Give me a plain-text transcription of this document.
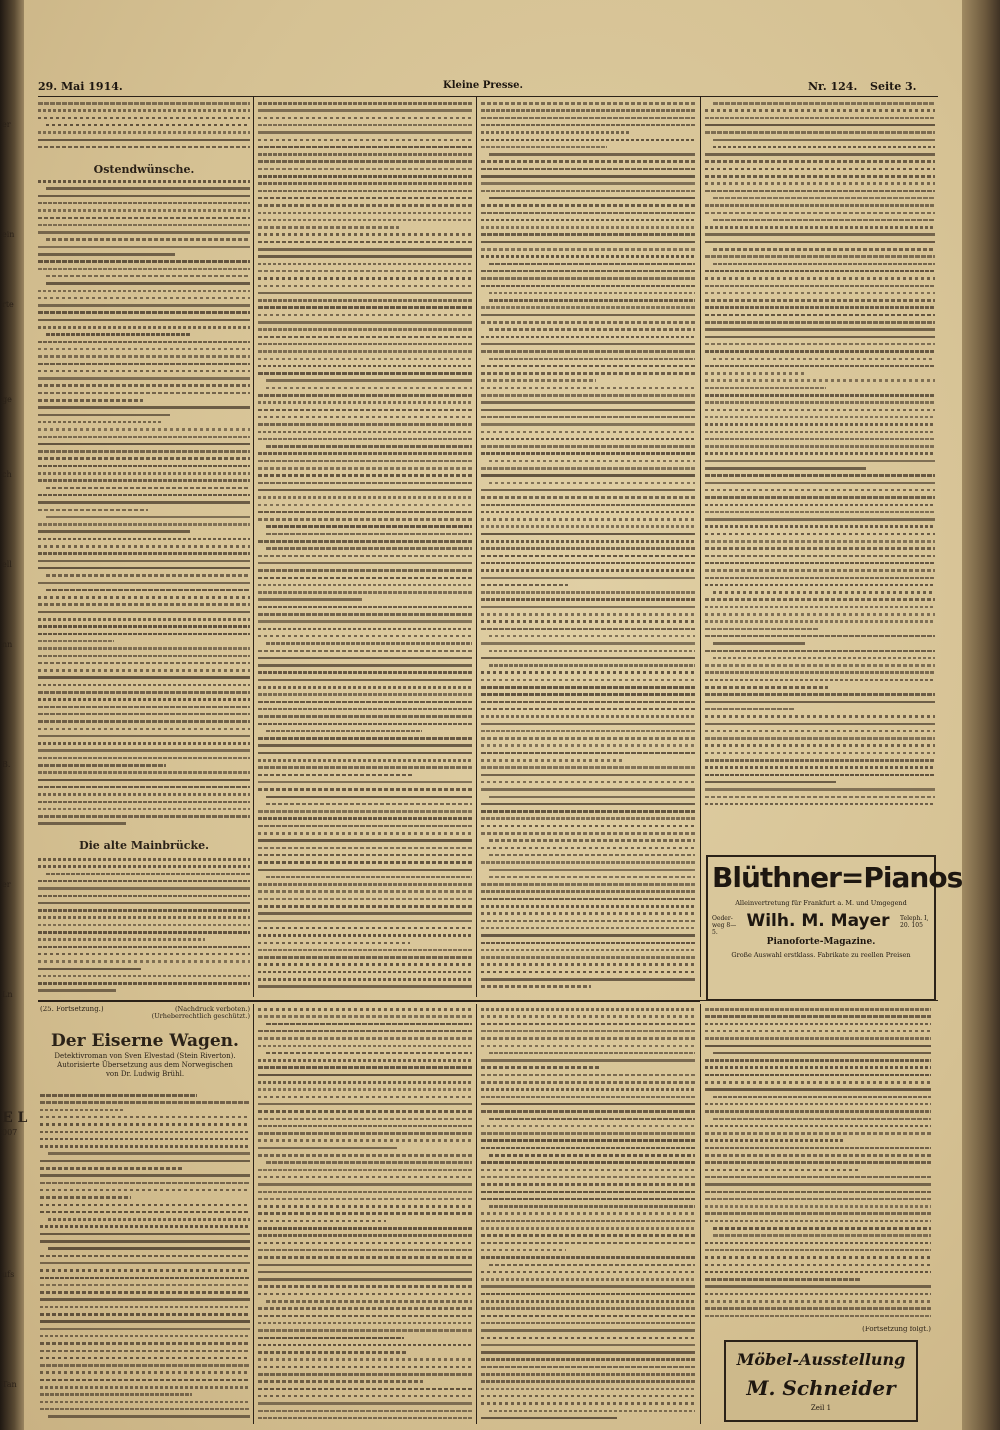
er
ein
rte
ge
ch
ell
nn
B.
er
Ln
E L
007
ufs
Tan
29. Mai 1914.	Kleine Presse.	Nr. 124. Seite 3.
Ostendwünsche.
Die alte Mainbrücke.
Blüthner=Pianos
Alleinvertretung für Frankfurt a. M. und Umgegend
Oeder-weg 8—5.
Wilh. M. Mayer	Teleph. I, 20. 105
Pianoforte-Magazine.
Große Auswahl erstklass. Fabrikate zu reellen Preisen
(25. Fortsetzung.)	(Nachdruck verboten.)
(Urheberrechtlich geschützt.)
Der Eiserne Wagen.
Detektivroman von Sven Elvestad (Stein Riverton).
Autorisierte Übersetzung aus dem Norwegischen
von Dr. Ludwig Brühl.
(Fortsetzung folgt.)
Möbel-Ausstellung
M. Schneider
Zeil 1
